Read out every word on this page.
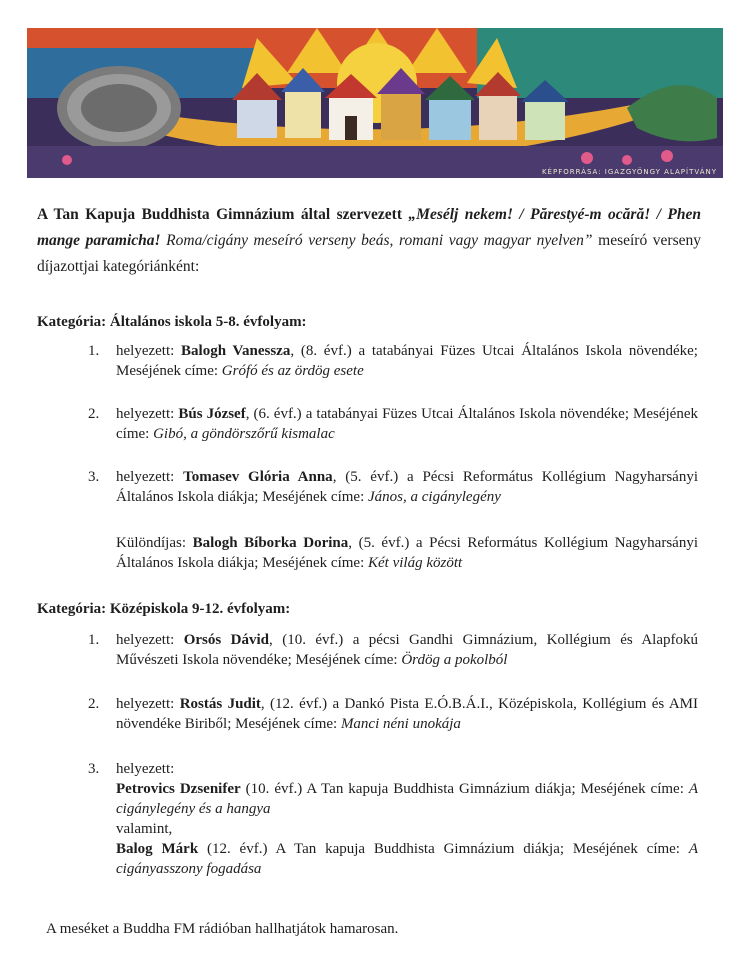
KÉPFORRÁSA: IGAZGYÖNGY ALAPÍTVÁNY
A Tan Kapuja Buddhista Gimnázium által szervezett „Mesélj nekem! / Părestyé-m ocără! / Phen mange paramicha! Roma/cigány meseíró verseny beás, romani vagy magyar nyelven” meseíró verseny díjazottjai kategóriánként:
Kategória: Általános iskola 5-8. évfolyam:
1. helyezett: Balogh Vanessza, (8. évf.) a tatabányai Füzes Utcai Általános Iskola növendéke; Meséjének címe: Grófó és az ördög esete
2. helyezett: Bús József, (6. évf.) a tatabányai Füzes Utcai Általános Iskola növendéke; Meséjének címe: Gibó, a göndörszőrű kismalac
3. helyezett: Tomasev Glória Anna, (5. évf.) a Pécsi Református Kollégium Nagyharsányi Általános Iskola diákja; Meséjének címe: János, a cigánylegény
Különdíjas: Balogh Bíborka Dorina, (5. évf.) a Pécsi Református Kollégium Nagyharsányi Általános Iskola diákja; Meséjének címe: Két világ között
Kategória: Középiskola 9-12. évfolyam:
1. helyezett: Orsós Dávid, (10. évf.) a pécsi Gandhi Gimnázium, Kollégium és Alapfokú Művészeti Iskola növendéke; Meséjének címe: Ördög a pokolból
2. helyezett: Rostás Judit, (12. évf.) a Dankó Pista E.Ó.B.Á.I., Középiskola, Kollégium és AMI növendéke Biriből; Meséjének címe: Manci néni unokája
3. helyezett:
Petrovics Dzsenifer (10. évf.) A Tan kapuja Buddhista Gimnázium diákja; Meséjének címe: A cigánylegény és a hangya
valamint,
Balog Márk (12. évf.) A Tan kapuja Buddhista Gimnázium diákja; Meséjének címe: A cigányasszony fogadása
A meséket a Buddha FM rádióban hallhatjátok hamarosan.
